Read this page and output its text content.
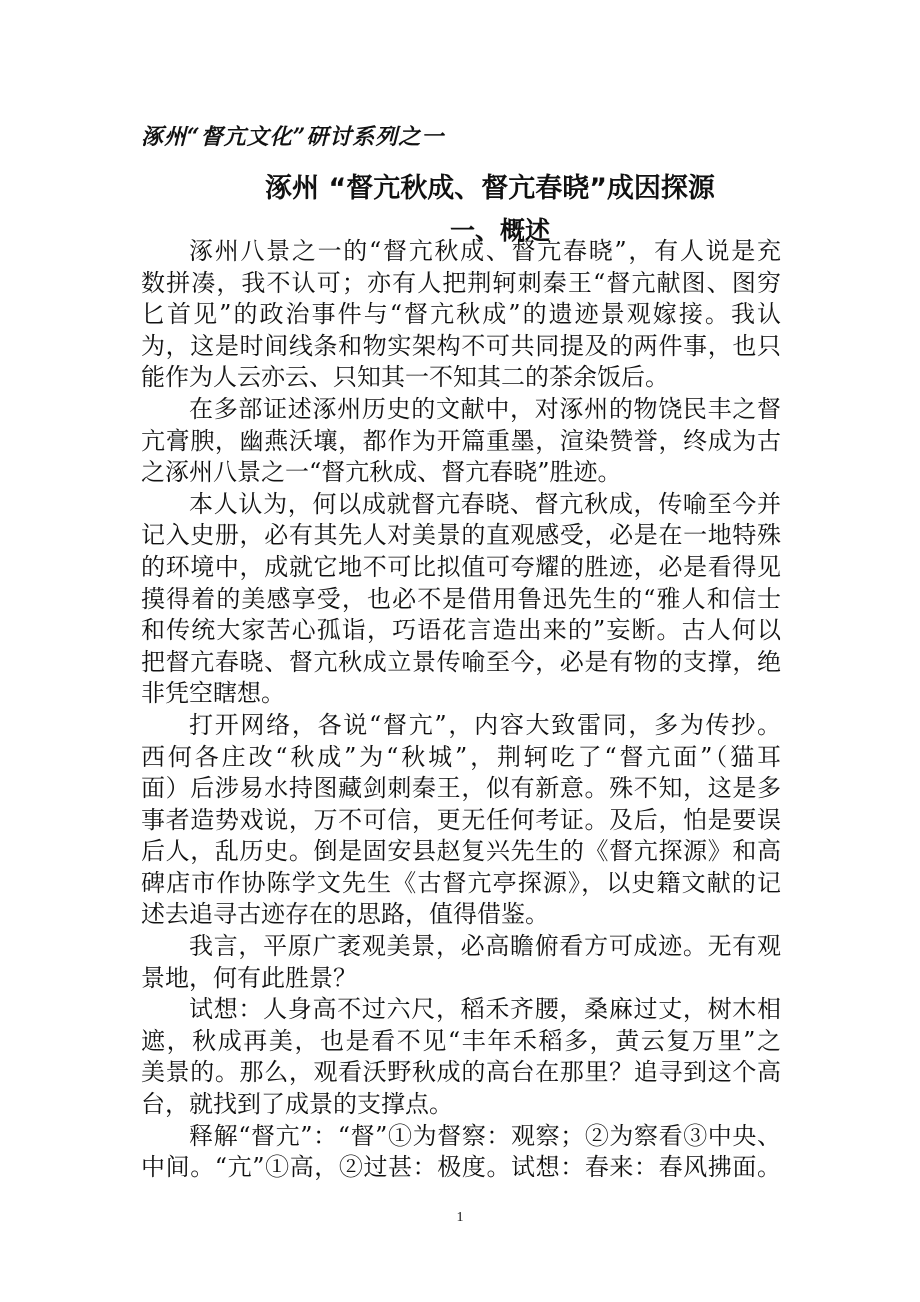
涿州“督亢文化”研讨系列之一
涿州 “督亢秋成、督亢春晓”成因探源
一、概述
涿州八景之一的“督亢秋成、督亢春晓”，有人说是充
数拼凑，我不认可；亦有人把荆轲刺秦王“督亢献图、图穷
匕首见”的政治事件与“督亢秋成”的遗迹景观嫁接。我认
为，这是时间线条和物实架构不可共同提及的两件事，也只
能作为人云亦云、只知其一不知其二的茶余饭后。
在多部证述涿州历史的文献中，对涿州的物饶民丰之督
亢膏腴，幽燕沃壤，都作为开篇重墨，渲染赞誉，终成为古
之涿州八景之一“督亢秋成、督亢春晓”胜迹。
本人认为，何以成就督亢春晓、督亢秋成，传喻至今并
记入史册，必有其先人对美景的直观感受，必是在一地特殊
的环境中，成就它地不可比拟值可夸耀的胜迹，必是看得见
摸得着的美感享受，也必不是借用鲁迅先生的“雅人和信士
和传统大家苦心孤诣，巧语花言造出来的”妄断。古人何以
把督亢春晓、督亢秋成立景传喻至今，必是有物的支撑，绝
非凭空瞎想。
打开网络，各说“督亢”，内容大致雷同，多为传抄。
西何各庄改“秋成”为“秋城”，荆轲吃了“督亢面”（猫耳
面）后涉易水持图藏剑刺秦王，似有新意。殊不知，这是多
事者造势戏说，万不可信，更无任何考证。及后，怕是要误
后人，乱历史。倒是固安县赵复兴先生的《督亢探源》和高
碑店市作协陈学文先生《古督亢亭探源》，以史籍文献的记
述去追寻古迹存在的思路，值得借鉴。
我言，平原广袤观美景，必高瞻俯看方可成迹。无有观
景地，何有此胜景？
试想：人身高不过六尺，稻禾齐腰，桑麻过丈，树木相
遮，秋成再美，也是看不见“丰年禾稻多，黄云复万里”之
美景的。那么，观看沃野秋成的高台在那里？追寻到这个高
台，就找到了成景的支撑点。
释解“督亢”：“督”①为督察：观察；②为察看③中央、
中间。“亢”①高，②过甚：极度。试想：春来：春风拂面。
1
